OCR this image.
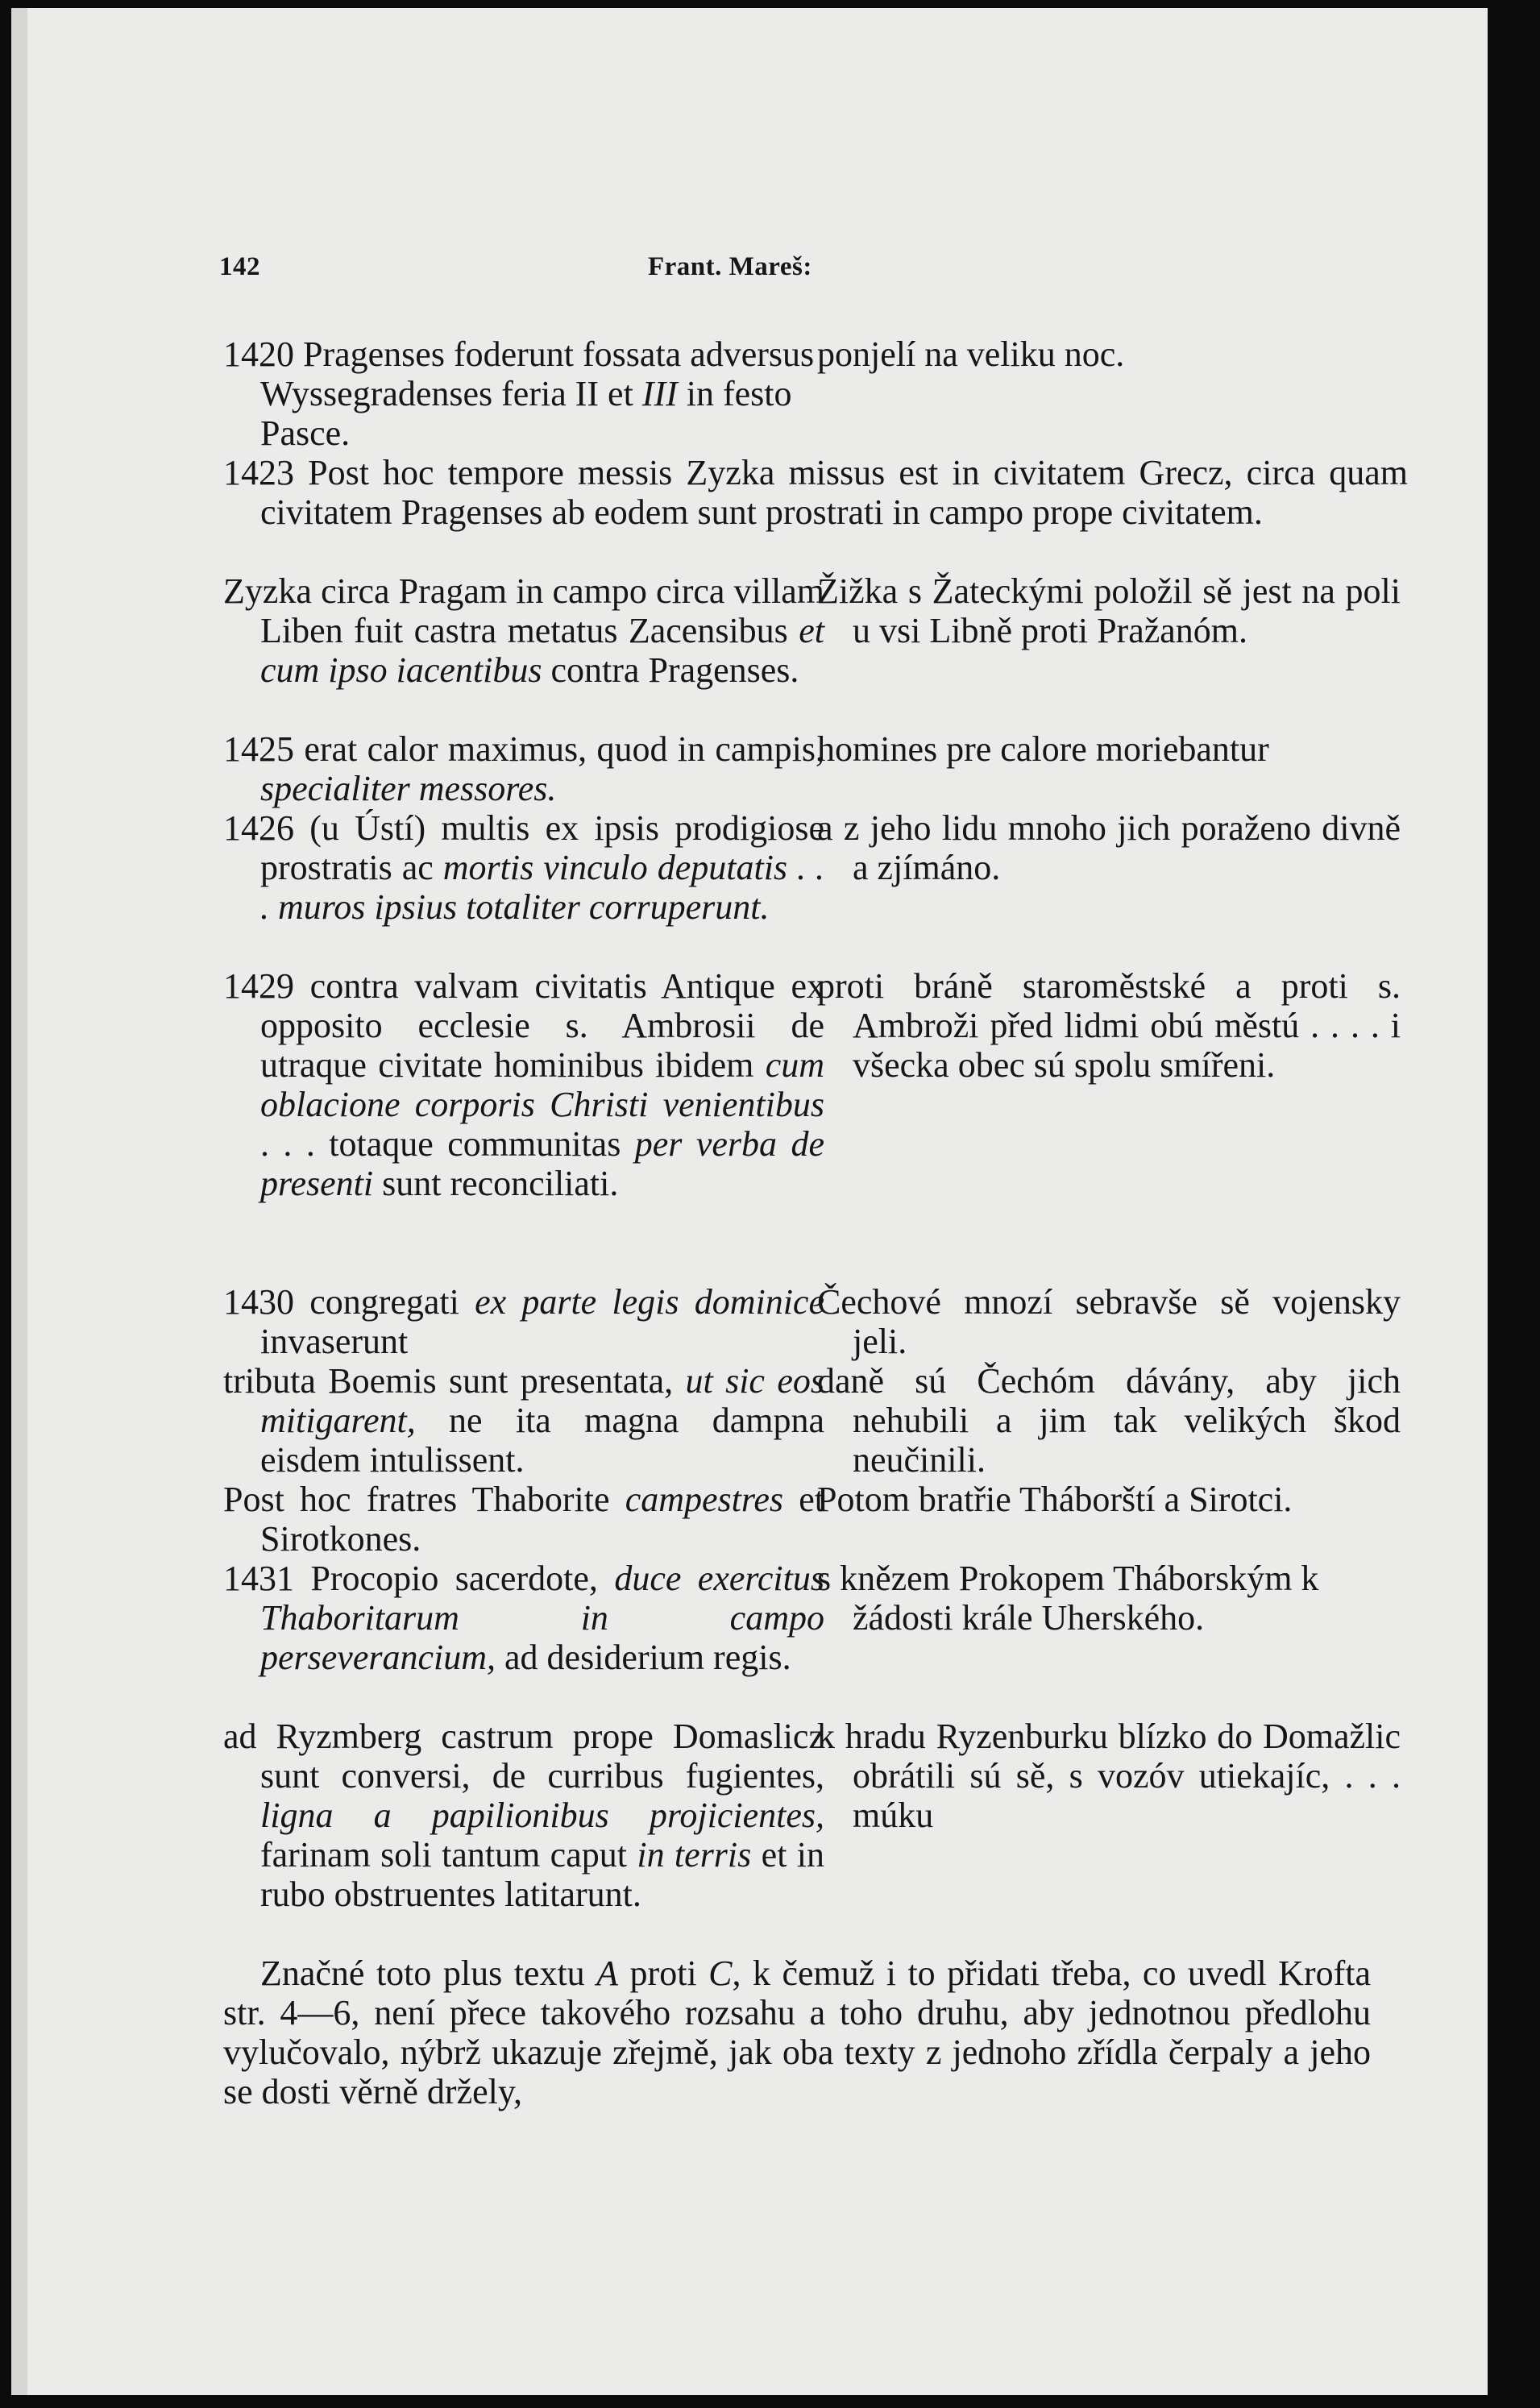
142	Frant. Mareš:

1420 Pragenses foderunt fossata adversus Wyssegradenses feria II et III in festo Pasce.

ponjelí na veliku noc.

1423 Post hoc tempore messis Zyzka missus est in civitatem Grecz, circa quam civitatem Pragenses ab eodem sunt prostrati in campo prope civitatem.

Zyzka circa Pragam in campo circa villam Liben fuit castra metatus Zacensibus et cum ipso iacentibus contra Pragenses.

Žižka s Žateckými položil sě jest na poli u vsi Libně proti Pražanóm.

1425 erat calor maximus, quod in campis, specialiter messores.

homines pre calore moriebantur

1426 (u Ústí) multis ex ipsis prodigiose prostratis ac mortis vinculo deputatis . . . muros ipsius totaliter corruperunt.

a z jeho lidu mnoho jich poraženo divně a zjímáno.

1429 contra valvam civitatis Antique ex opposito ecclesie s. Ambrosii de utraque civitate hominibus ibidem cum oblacione corporis Christi venientibus . . . totaque communitas per verba de presenti sunt reconciliati.

proti bráně staroměstské a proti s. Ambroži před lidmi obú městú . . . . i všecka obec sú spolu smířeni.

1430 congregati ex parte legis dominice invaserunt

Čechové mnozí sebravše sě vojensky jeli.

tributa Boemis sunt presentata, ut sic eos mitigarent, ne ita magna dampna eisdem intulissent.

daně sú Čechóm dávány, aby jich nehubili a jim tak velikých škod neučinili.

Post hoc fratres Thaborite campestres et Sirotkones.

Potom bratřie Tháborští a Sirotci.

1431 Procopio sacerdote, duce exercitus Thaboritarum in campo perseverancium, ad desiderium regis.

s knězem Prokopem Tháborským k žádosti krále Uherského.

ad Ryzmberg castrum prope Domaslicz sunt conversi, de curribus fugientes, ligna a papilionibus projicientes, farinam soli tantum caput in terris et in rubo obstruentes latitarunt.

k hradu Ryzenburku blízko do Domažlic obrátili sú sě, s vozóv utiekajíc, . . . múku

Značné toto plus textu A proti C, k čemuž i to přidati třeba, co uvedl Krofta str. 4—6, není přece takového rozsahu a toho druhu, aby jednotnou předlohu vylučovalo, nýbrž ukazuje zřejmě, jak oba texty z jednoho zřídla čerpaly a jeho se dosti věrně držely,
